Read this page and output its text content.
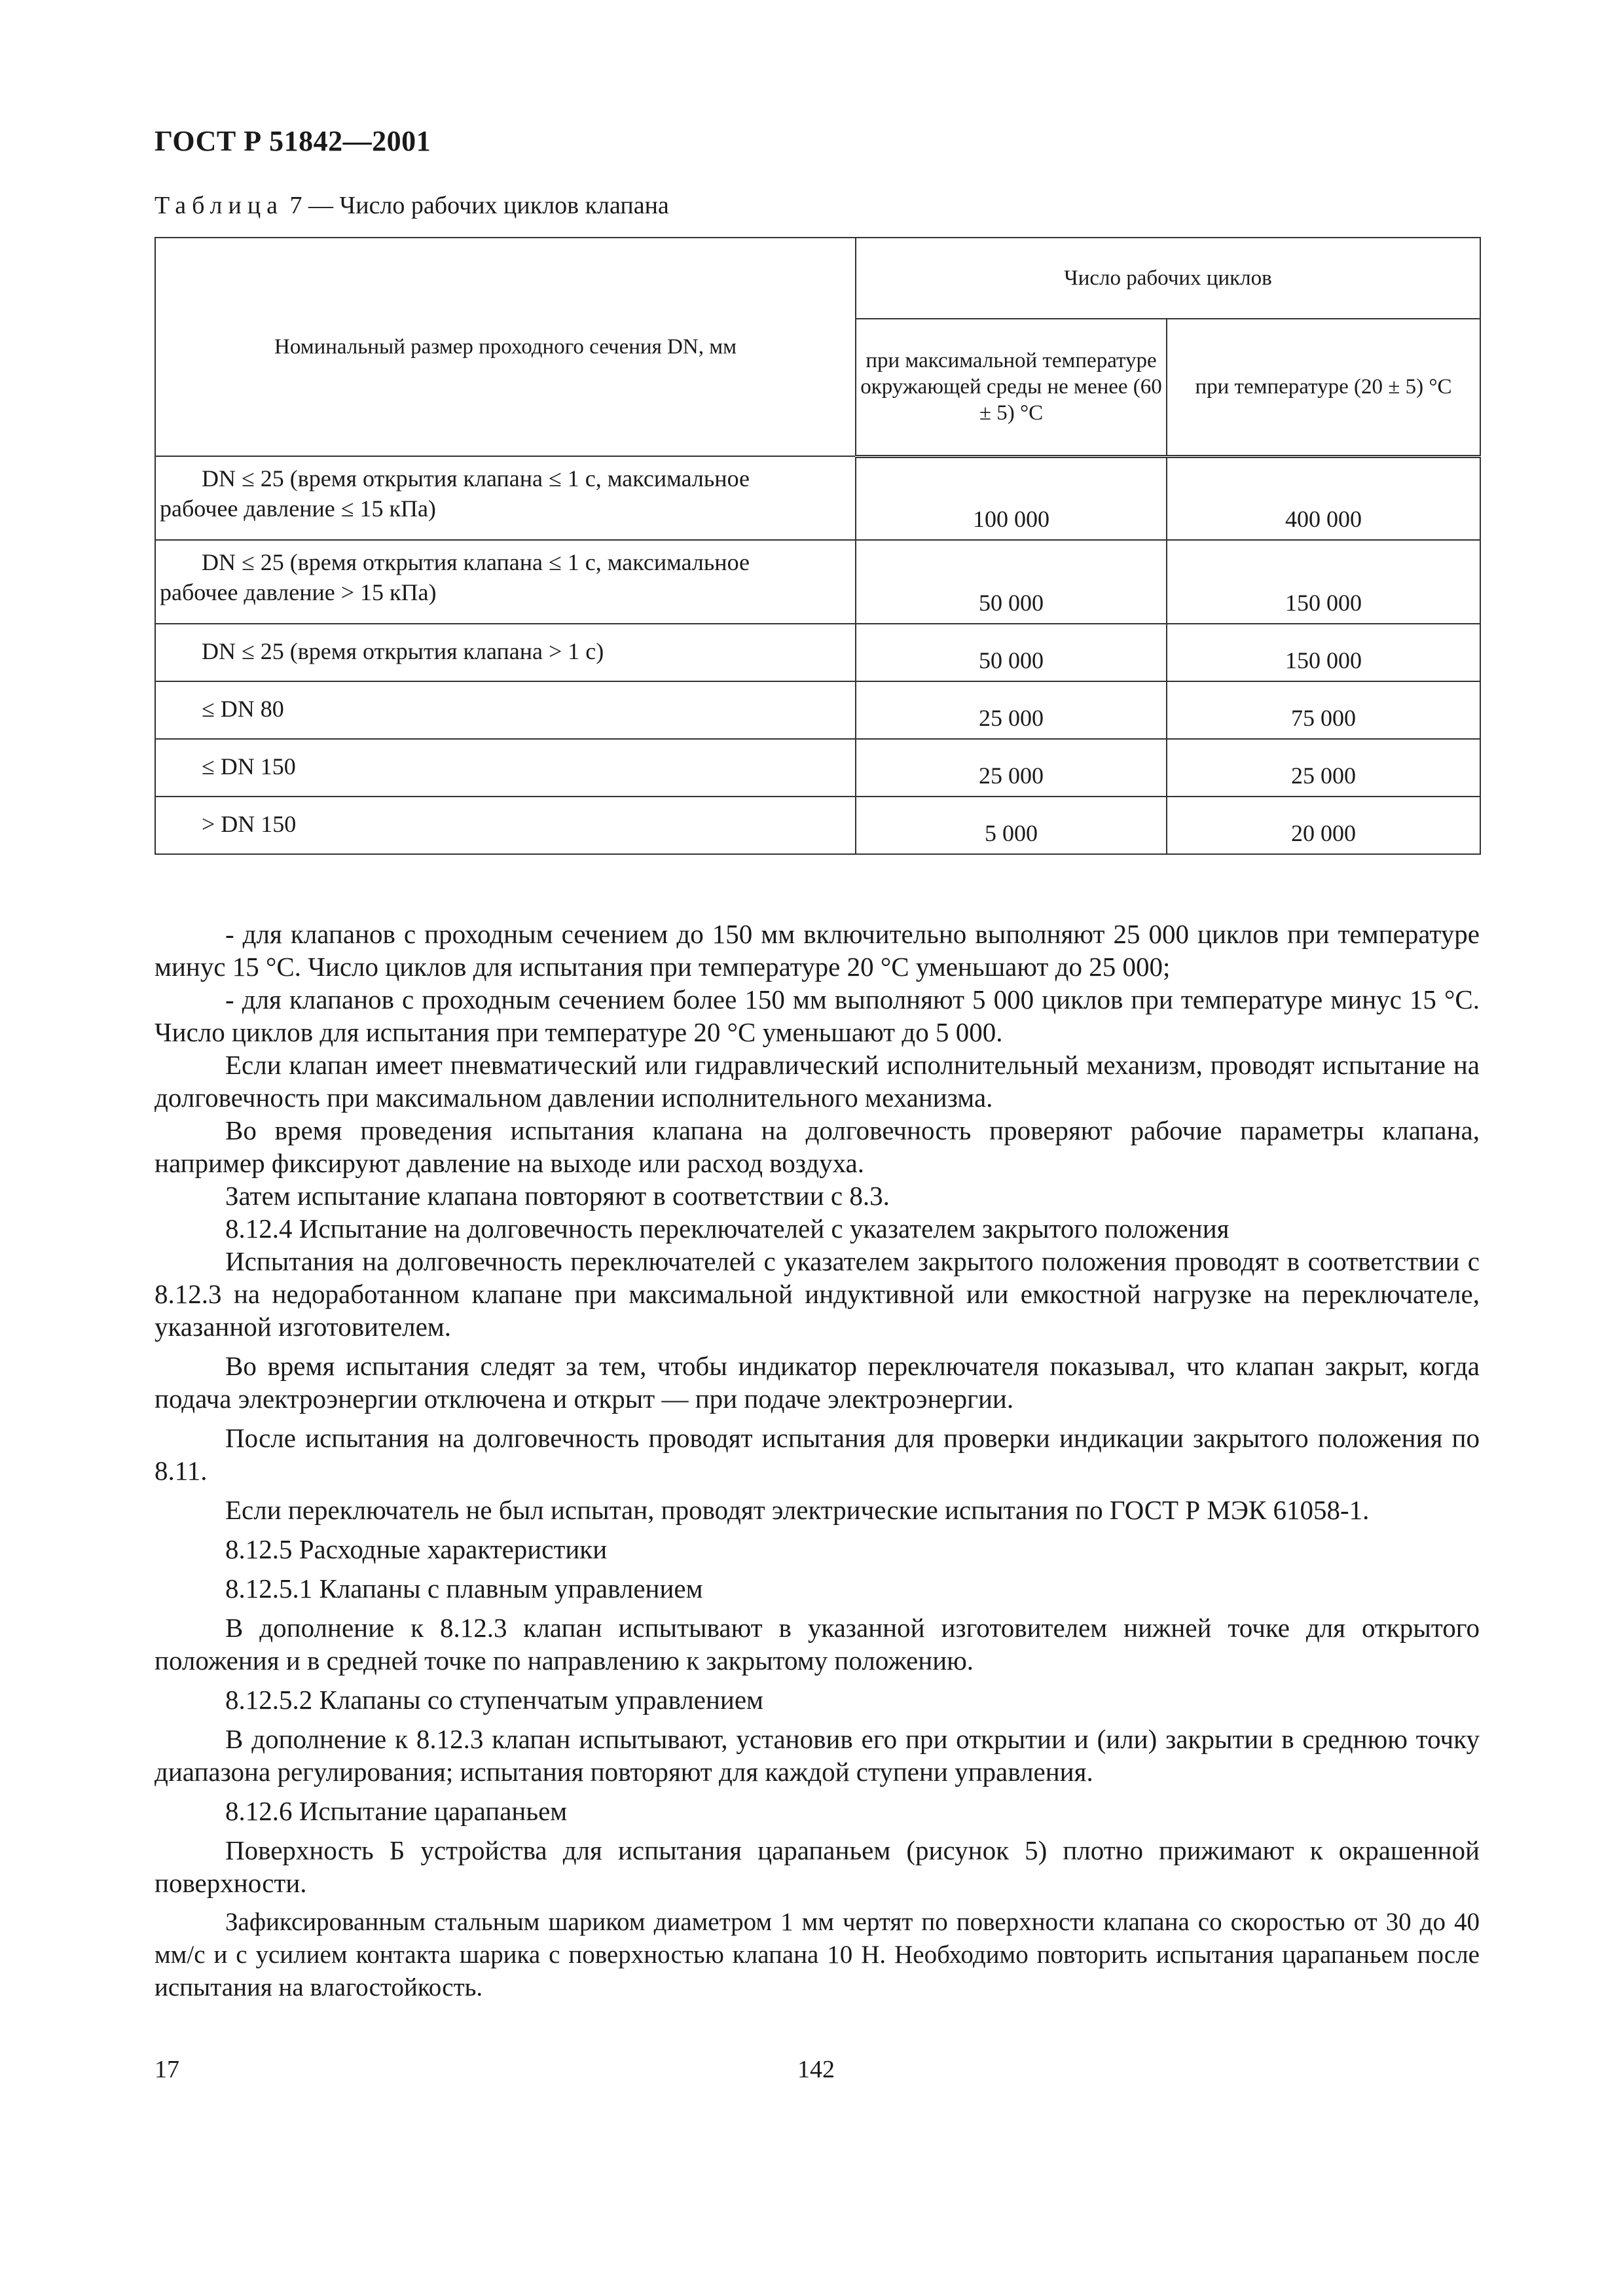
ГОСТ Р 51842—2001
Таблица 7 — Число рабочих циклов клапана
Номинальный размер проходного сечения DN, мм	Число рабочих циклов	
	при максимальной температуре окружающей среды не менее (60 ± 5) °С	при температуре (20 ± 5) °С

DN ≤ 25 (время открытия клапана ≤ 1 с, максимальное
рабочее давление ≤ 15 кПа)	100 000	400 000

DN ≤ 25 (время открытия клапана ≤ 1 с, максимальное
рабочее давление > 15 кПа)	50 000	150 000
DN ≤ 25 (время открытия клапана > 1 с)	50 000	150 000
≤ DN 80	25 000	75 000
≤ DN 150	25 000	25 000
> DN 150	5 000	20 000

- для клапанов с проходным сечением до 150 мм включительно выполняют 25 000 циклов при температуре минус 15 °С. Число циклов для испытания при температуре 20 °С уменьшают до 25 000;

- для клапанов с проходным сечением более 150 мм выполняют 5 000 циклов при температуре минус 15 °С. Число циклов для испытания при температуре 20 °С уменьшают до 5 000.

Если клапан имеет пневматический или гидравлический исполнительный механизм, проводят испытание на долговечность при максимальном давлении исполнительного механизма.

Во время проведения испытания клапана на долговечность проверяют рабочие параметры клапана, например фиксируют давление на выходе или расход воздуха.

Затем испытание клапана повторяют в соответствии с 8.3.

8.12.4 Испытание на долговечность переключателей с указателем закрытого положения

Испытания на долговечность переключателей с указателем закрытого положения проводят в соответствии с 8.12.3 на недоработанном клапане при максимальной индуктивной или емкостной нагрузке на переключателе, указанной изготовителем.

Во время испытания следят за тем, чтобы индикатор переключателя показывал, что клапан закрыт, когда подача электроэнергии отключена и открыт — при подаче электроэнергии.

После испытания на долговечность проводят испытания для проверки индикации закрытого положения по 8.11.

Если переключатель не был испытан, проводят электрические испытания по ГОСТ Р МЭК 61058-1.

8.12.5 Расходные характеристики

8.12.5.1 Клапаны с плавным управлением

В дополнение к 8.12.3 клапан испытывают в указанной изготовителем нижней точке для открытого положения и в средней точке по направлению к закрытому положению.

8.12.5.2 Клапаны со ступенчатым управлением

В дополнение к 8.12.3 клапан испытывают, установив его при открытии и (или) закрытии в среднюю точку диапазона регулирования; испытания повторяют для каждой ступени управления.

8.12.6 Испытание царапаньем

Поверхность Б устройства для испытания царапаньем (рисунок 5) плотно прижимают к окрашенной поверхности.

Зафиксированным стальным шариком диаметром 1 мм чертят по поверхности клапана со скоростью от 30 до 40 мм/с и с усилием контакта шарика с поверхностью клапана 10 Н. Необходимо повторить испытания царапаньем после испытания на влагостойкость.

17	142
